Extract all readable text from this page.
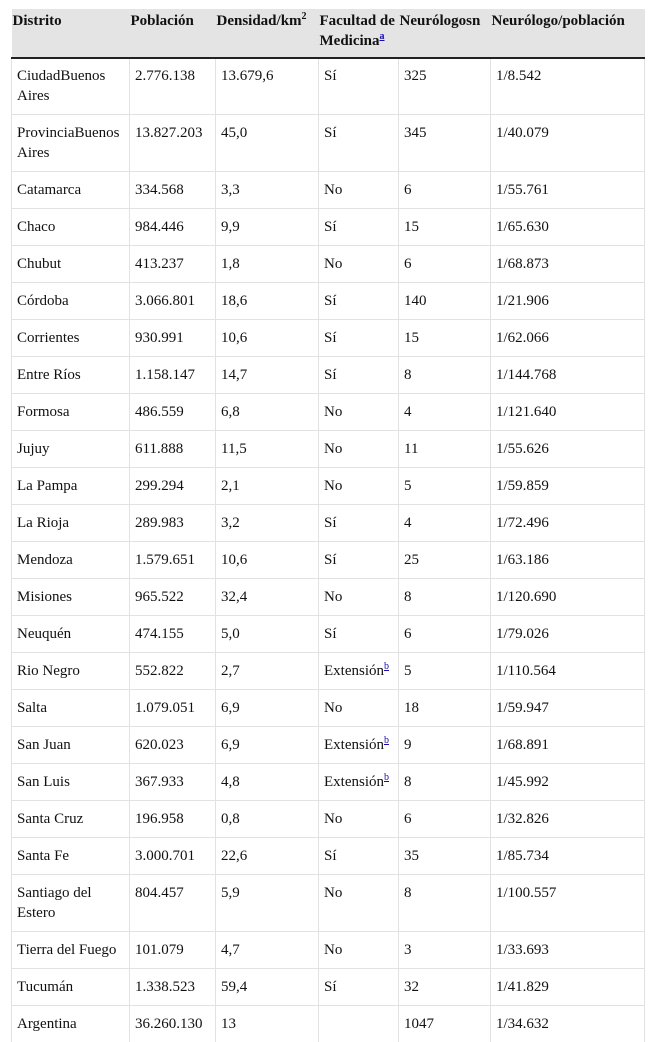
Distrito	Población	Densidad/$km^2$	Facultad de Medicina$^a$	Neurólogosn	Neurólogo/población
CiudadBuenos Aires	2.776.138	13.679,6	Sí	325	1/8.542
ProvinciaBuenos Aires	13.827.203	45,0	Sí	345	1/40.079
Catamarca	334.568	3,3	No	6	1/55.761
Chaco	984.446	9,9	Sí	15	1/65.630
Chubut	413.237	1,8	No	6	1/68.873
Córdoba	3.066.801	18,6	Sí	140	1/21.906
Corrientes	930.991	10,6	Sí	15	1/62.066
Entre Ríos	1.158.147	14,7	Sí	8	1/144.768
Formosa	486.559	6,8	No	4	1/121.640
Jujuy	611.888	11,5	No	11	1/55.626
La Pampa	299.294	2,1	No	5	1/59.859
La Rioja	289.983	3,2	Sí	4	1/72.496
Mendoza	1.579.651	10,6	Sí	25	1/63.186
Misiones	965.522	32,4	No	8	1/120.690
Neuquén	474.155	5,0	Sí	6	1/79.026
Rio Negro	552.822	2,7	Extensión$^b$	5	1/110.564
Salta	1.079.051	6,9	No	18	1/59.947
San Juan	620.023	6,9	Extensión$^b$	9	1/68.891
San Luis	367.933	4,8	Extensión$^b$	8	1/45.992
Santa Cruz	196.958	0,8	No	6	1/32.826
Santa Fe	3.000.701	22,6	Sí	35	1/85.734
Santiago del Estero	804.457	5,9	No	8	1/100.557
Tierra del Fuego	101.079	4,7	No	3	1/33.693
Tucumán	1.338.523	59,4	Sí	32	1/41.829
Argentina	36.260.130	13		1047	1/34.632
